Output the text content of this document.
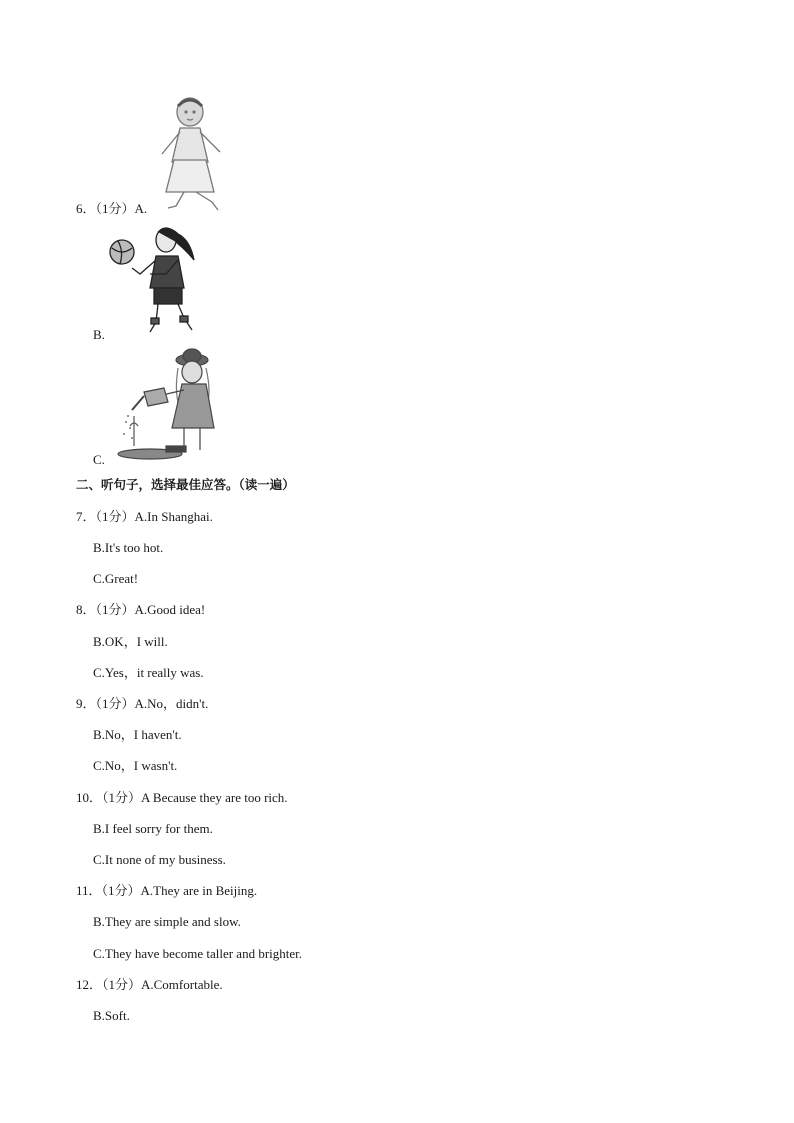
6．（1分）A.
B.
C.
二、听句子，选择最佳应答。（读一遍）
7．（1分）A.In Shanghai.
B.It's too hot.
C.Great!
8．（1分）A.Good idea!
B.OK，I will.
C.Yes，it really was.
9．（1分）A.No，didn't.
B.No，I haven't.
C.No，I wasn't.
10．（1分）A Because they are too rich.
B.I feel sorry for them.
C.It none of my business.
11．（1分）A.They are in Beijing.
B.They are simple and slow.
C.They have become taller and brighter.
12．（1分）A.Comfortable.
B.Soft.
